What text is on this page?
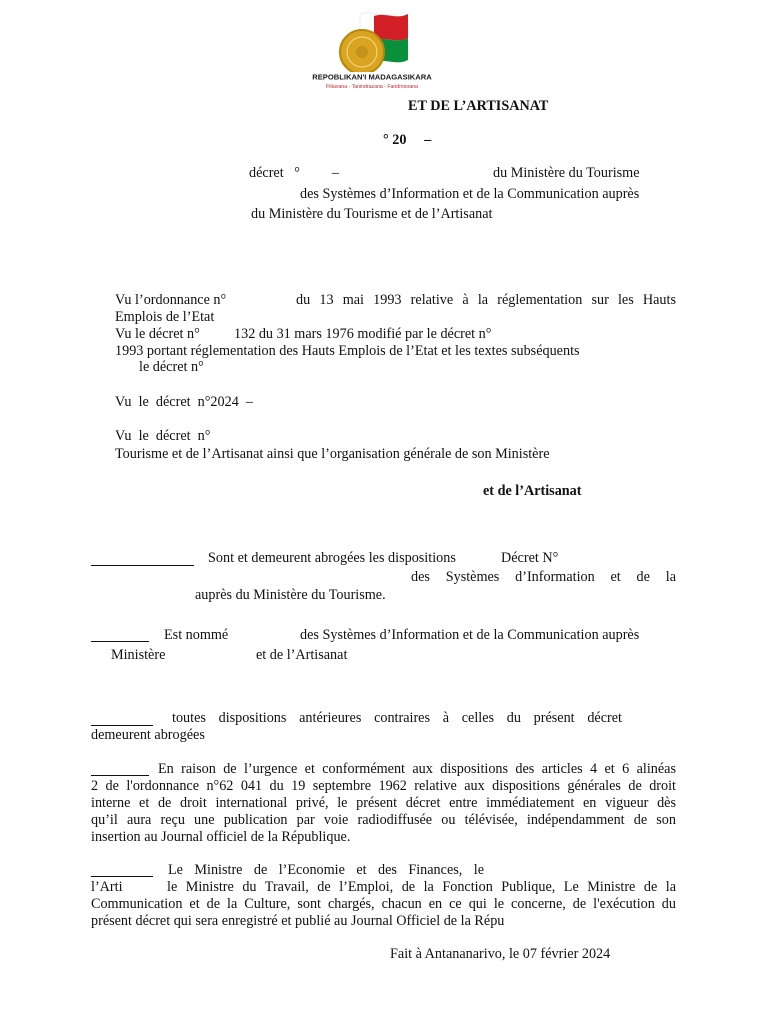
REPOBLIKAN'I MADAGASIKARA
Fitiavana - Tanindrazana - Fandrosoana
ET DE L’ARTISANAT
° 20     –
décret   °         –	du Ministère du Tourisme
des Systèmes d’Information et de la Communication auprès
du Ministère du Tourisme et de l’Artisanat
Vu l’ordonnance n°	du 13 mai 1993 relative à la réglementation sur les Hauts
Emplois de l’Etat
Vu le décret n° 132 du 31 mars 1976 modifié par le décret n°
1993 portant réglementation des Hauts Emplois de l’Etat et les textes subséquents
le décret n°
Vu  le  décret  n°2024  –
Vu  le  décret  n°
Tourisme et de l’Artisanat ainsi que l’organisation générale de son Ministère
et de l’Artisanat
Sont et demeurent abrogées les dispositions	Décret N°
des Systèmes d’Information et de la
auprès du Ministère du Tourisme.
Est nommé	des Systèmes d’Information et de la Communication auprès
Ministère	et de l’Artisanat
toutes dispositions antérieures contraires à celles du présent décret
demeurent abrogées
En raison de l’urgence et conformément aux dispositions des articles 4 et 6 alinéas
2 de l'ordonnance n°62 041 du 19 septembre 1962 relative aux dispositions générales de droit
interne et de droit international privé, le présent décret entre immédiatement en vigueur dès
qu’il aura reçu une publication par voie radiodiffusée ou télévisée, indépendamment de son
insertion au Journal officiel de la République.
Le Ministre de l’Economie et des Finances, le
l’Arti	le Ministre du Travail, de l’Emploi, de la Fonction Publique, Le Ministre de la
Communication et de la Culture, sont chargés, chacun en ce qui le concerne, de l'exécution du
présent décret qui sera enregistré et publié au Journal Officiel de la Répu
Fait à Antananarivo, le 07 février 2024
